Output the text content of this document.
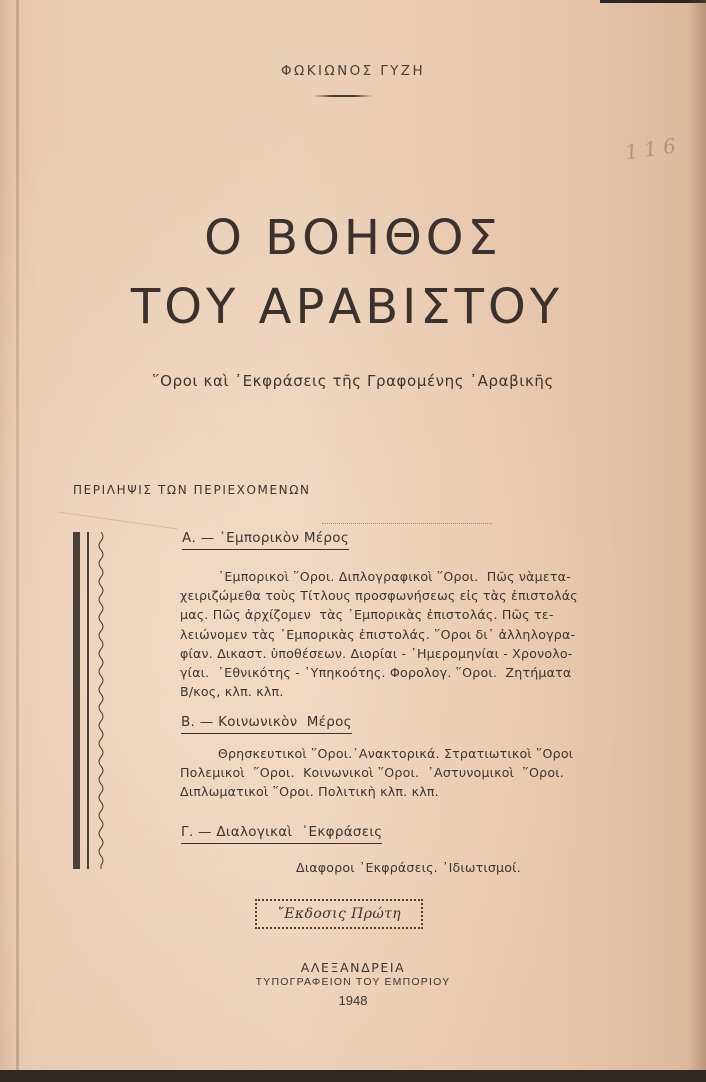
ΦΩΚΙΩΝΟΣ ΓΥΖΗ
Ο ΒΟΗΘΟΣ
ΤΟΥ ΑΡΑΒΙΣΤΟΥ
῞Οροι καὶ ᾿Εκφράσεις τῆς Γραφομένης ᾿Αραβικῆς
1 1 6
ΠΕΡΙΛΗΨΙΣ ΤΩΝ ΠΕΡΙΕΧΟΜΕΝΩΝ
Α. — ᾿Εμπορικὸν Μέρος
᾿Εμπορικοὶ ῞Οροι. Διπλογραφικοὶ ῞Οροι.  Πῶς νὰμετα-
χειριζώμεθα τοὺς Τίτλους προσφωνήσεως εἰς τὰς ἐπιστολάς
μας. Πῶς ἀρχίζομεν  τὰς ᾿Εμπορικὰς ἐπιστολάς. Πῶς τε-
λειώνομεν τὰς ᾿Εμπορικὰς ἐπιστολάς. ῞Οροι δι᾿ ἀλληλογρα-
φίαν. Δικαστ. ὑποθέσεων. Διορίαι - ῾Ημερομηνίαι - Χρονολο-
γίαι.  ᾿Εθνικότης - ῾Υπηκοότης. Φορολογ. ῞Οροι.  Ζητήματα
Β/κος, κλπ. κλπ.
Β. — Κοινωνικὸν  Μέρος
Θρησκευτικοὶ ῞Οροι.᾿Ανακτορικά. Στρατιωτικοὶ ῞Οροι
Πολεμικοὶ  ῞Οροι.  Κοινωνικοὶ ῞Οροι.  ᾿Αστυνομικοὶ  ῞Οροι.
Διπλωματικοὶ ῞Οροι. Πολιτικὴ κλπ. κλπ.
Γ. — Διαλογικαὶ  ᾿Εκφράσεις
Διαφοροι ᾿Εκφράσεις. ᾿Ιδιωτισμοί.
῎Εκδοσις Πρώτη
ΑΛΕΞΑΝΔΡΕΙΑ
ΤΥΠΟΓΡΑΦΕΙΟΝ ΤΟΥ ΕΜΠΟΡΙΟΥ
1948
